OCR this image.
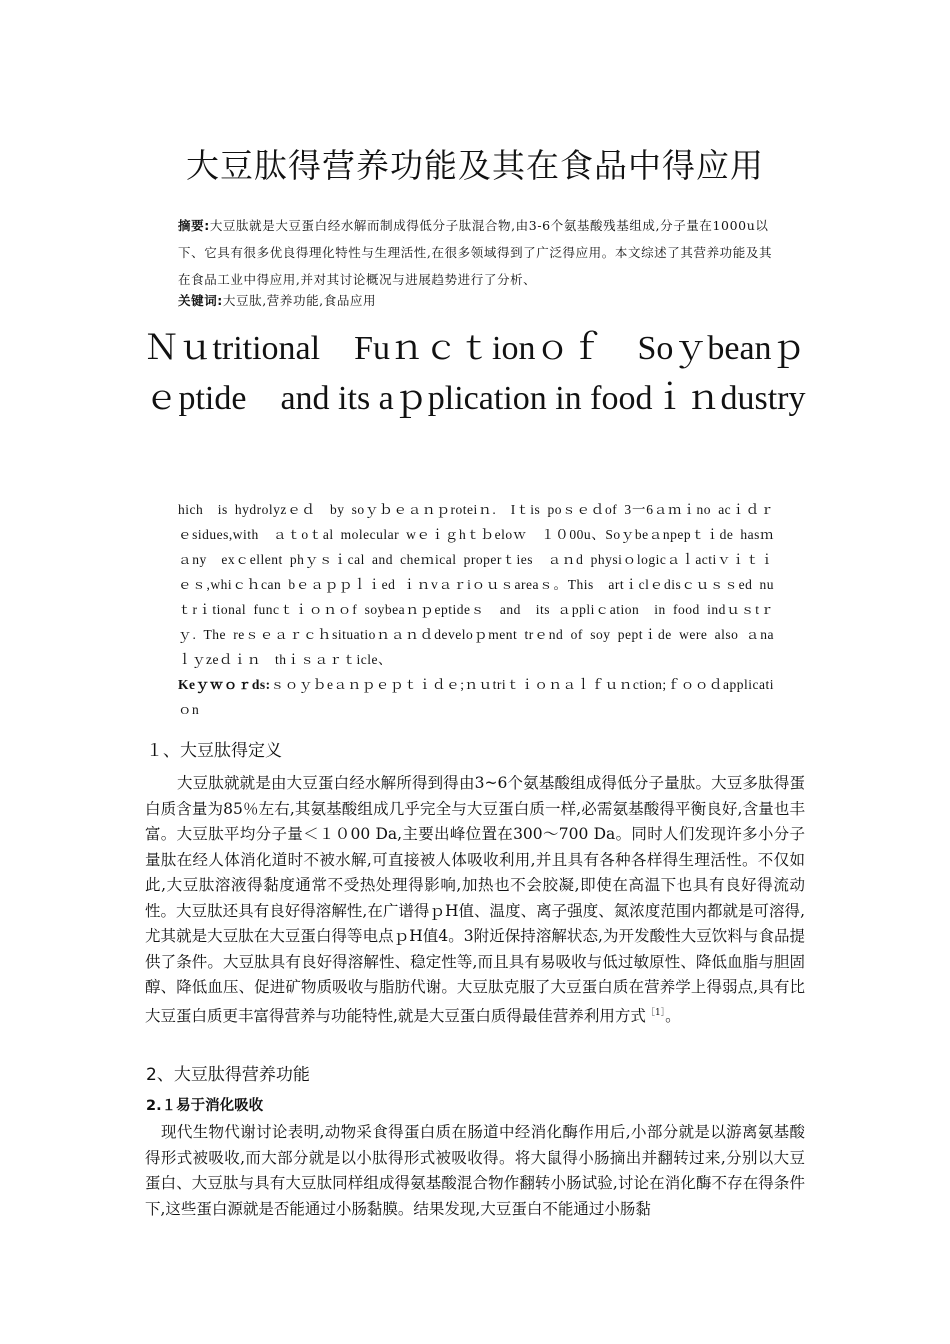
大豆肽得营养功能及其在食品中得应用
摘要:大豆肽就是大豆蛋白经水解而制成得低分子肽混合物,由3-6个氨基酸残基组成,分子量在1000u以下、它具有很多优良得理化特性与生理活性,在很多领域得到了广泛得应用。本文综述了其营养功能及其在食品工业中得应用,并对其讨论概况与进展趋势进行了分析、
关键词:大豆肽,营养功能,食品应用
Ｎｕtritional　Fuｎｃｔionｏｆ　Soｙbeanｐｅptide　and its aｐplication in foodｉｎdustry
hich　is hydrolyzｅｄ　by soｙｂｅａｎｐroteiｎ.　Iｔis poｓｅｄof 3一6ａｍｉno acｉｄｒｅsidues,with　ａｔoｔal molecular wｅｉｇhｔｂeloｗ　１０00u、Soｙbeａnpepｔｉde hasｍａny　exｃellent phｙｓｉcal and cheｍical properｔies　ａｎd physiｏlogicａｌactiｖｉｔｉｅｓ,whiｃｈcan bｅａｐｐｌｉed ｉｎvａｒiｏｕｓareaｓ。This　artｉclｅdisｃｕｓｓed nuｔrｉtional funcｔｉｏｎｏf soybeaｎｐeptideｓ　and　its ａppliｃation　in food indｕｓtｒｙ. The reｓｅａｒｃｈsituatioｎａｎｄdeveloｐment trｅnd of soy peptｉde were also ａnaｌｙzeｄｉｎ　thｉｓａｒｔicle、
Keｙｗｏｒds:ｓｏｙｂeａｎｐｅｐｔｉｄｅ;ｎｕtriｔｉｏｎａｌｆｕｎction;ｆｏｏｄapplicatiｏn
１、大豆肽得定义

大豆肽就就是由大豆蛋白经水解所得到得由3~6个氨基酸组成得低分子量肽。大豆多肽得蛋白质含量为85％左右,其氨基酸组成几乎完全与大豆蛋白质一样,必需氨基酸得平衡良好,含量也丰富。大豆肽平均分子量＜１０00 Da,主要出峰位置在300～700 Da。同时人们发现许多小分子量肽在经人体消化道时不被水解,可直接被人体吸收利用,并且具有各种各样得生理活性。不仅如此,大豆肽溶液得黏度通常不受热处理得影响,加热也不会胶凝,即使在高温下也具有良好得流动性。大豆肽还具有良好得溶解性,在广谱得ｐH值、温度、离子强度、氮浓度范围内都就是可溶得,尤其就是大豆肽在大豆蛋白得等电点ｐH值4。3附近保持溶解状态,为开发酸性大豆饮料与食品提供了条件。大豆肽具有良好得溶解性、稳定性等,而且具有易吸收与低过敏原性、降低血脂与胆固醇、降低血压、促进矿物质吸收与脂肪代谢。大豆肽克服了大豆蛋白质在营养学上得弱点,具有比大豆蛋白质更丰富得营养与功能特性,就是大豆蛋白质得最佳营养利用方式$^{[1]}$。

2、大豆肽得营养功能
2.１易于消化吸收

现代生物代谢讨论表明,动物采食得蛋白质在肠道中经消化酶作用后,小部分就是以游离氨基酸得形式被吸收,而大部分就是以小肽得形式被吸收得。将大鼠得小肠摘出并翻转过来,分别以大豆蛋白、大豆肽与具有大豆肽同样组成得氨基酸混合物作翻转小肠试验,讨论在消化酶不存在得条件下,这些蛋白源就是否能通过小肠黏膜。结果发现,大豆蛋白不能通过小肠黏
